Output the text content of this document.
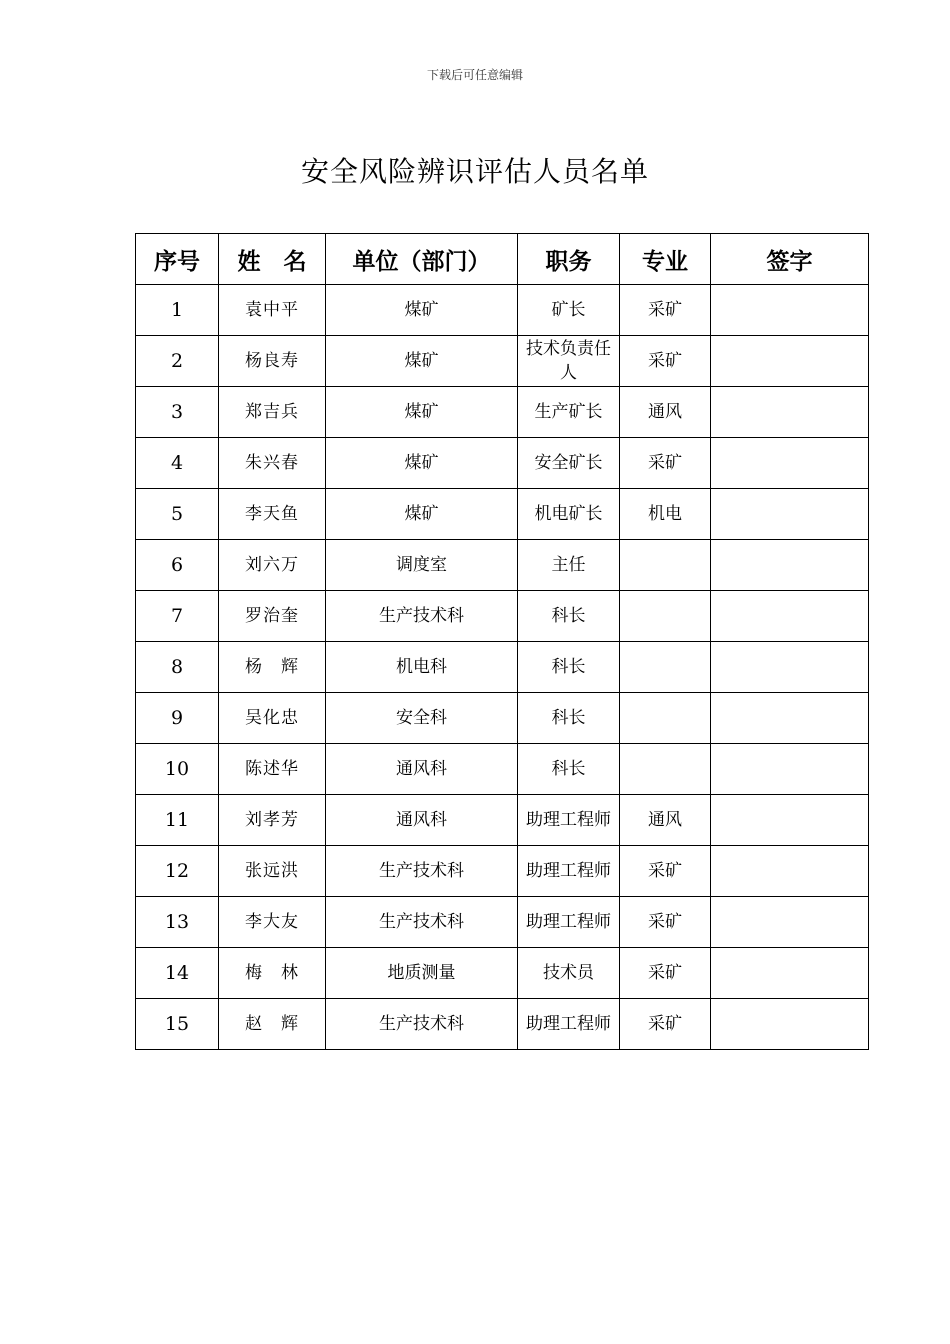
下载后可任意编辑
安全风险辨识评估人员名单
序号	姓　名	单位（部门）	职务	专业	签字
1	袁中平	煤矿	矿长	采矿	
2	杨良寿	煤矿	技术负责任人	采矿	
3	郑吉兵	煤矿	生产矿长	通风	
4	朱兴春	煤矿	安全矿长	采矿	
5	李天鱼	煤矿	机电矿长	机电	
6	刘六万	调度室	主任		
7	罗治奎	生产技术科	科长		
8	杨　辉	机电科	科长		
9	吴化忠	安全科	科长		
10	陈述华	通风科	科长		
11	刘孝芳	通风科	助理工程师	通风	
12	张远洪	生产技术科	助理工程师	采矿	
13	李大友	生产技术科	助理工程师	采矿	
14	梅　林	地质测量	技术员	采矿	
15	赵　辉	生产技术科	助理工程师	采矿	
